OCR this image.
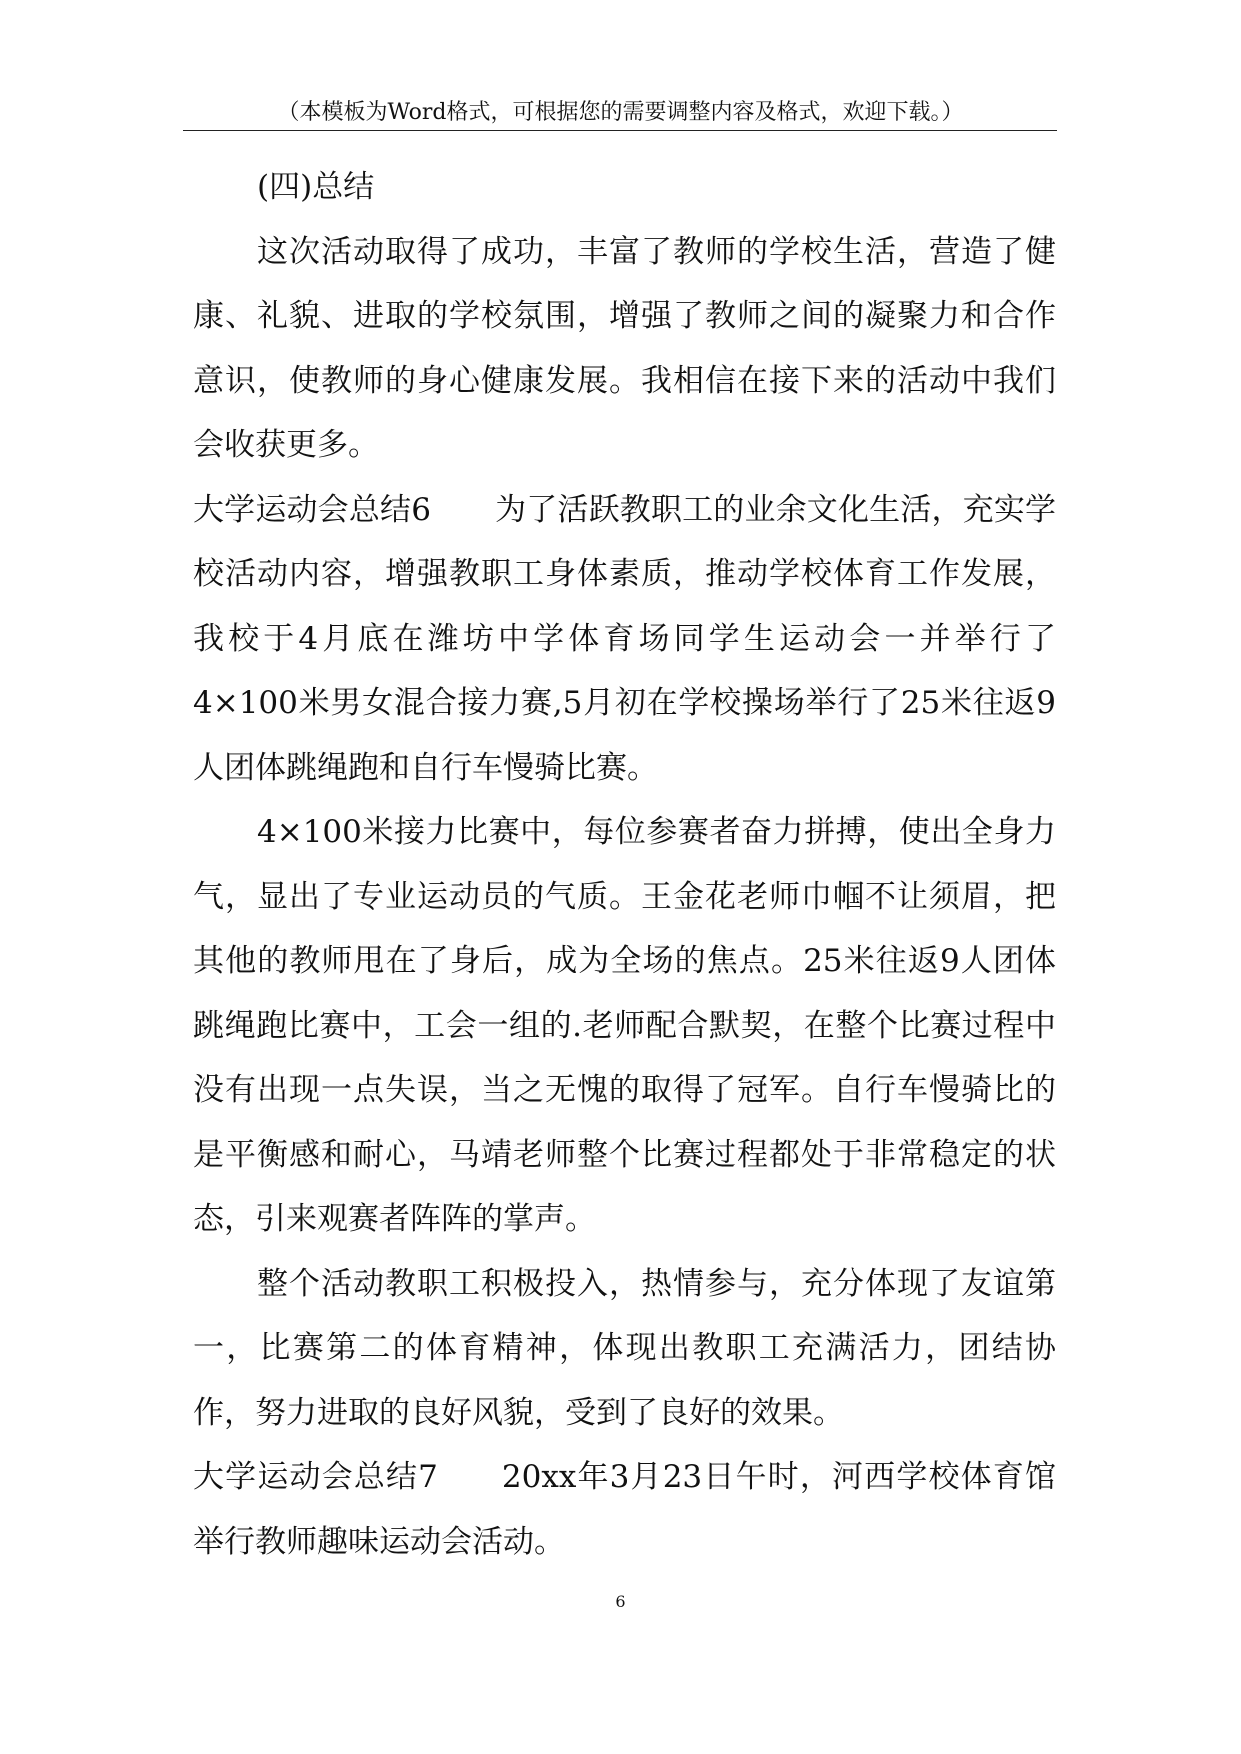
（本模板为Word格式，可根据您的需要调整内容及格式，欢迎下载。）

(四)总结

这次活动取得了成功，丰富了教师的学校生活，营造了健康、礼貌、进取的学校氛围，增强了教师之间的凝聚力和合作意识，使教师的身心健康发展。我相信在接下来的活动中我们会收获更多。

大学运动会总结6 为了活跃教职工的业余文化生活，充实学校活动内容，增强教职工身体素质，推动学校体育工作发展，我校于4月底在潍坊中学体育场同学生运动会一并举行了4×100米男女混合接力赛,5月初在学校操场举行了25米往返9人团体跳绳跑和自行车慢骑比赛。

4×100米接力比赛中，每位参赛者奋力拼搏，使出全身力气，显出了专业运动员的气质。王金花老师巾帼不让须眉，把其他的教师甩在了身后，成为全场的焦点。25米往返9人团体跳绳跑比赛中，工会一组的.老师配合默契，在整个比赛过程中没有出现一点失误，当之无愧的取得了冠军。自行车慢骑比的是平衡感和耐心，马靖老师整个比赛过程都处于非常稳定的状态，引来观赛者阵阵的掌声。

整个活动教职工积极投入，热情参与，充分体现了友谊第一，比赛第二的体育精神，体现出教职工充满活力，团结协作，努力进取的良好风貌，受到了良好的效果。

大学运动会总结7 20xx年3月23日午时，河西学校体育馆举行教师趣味运动会活动。

6
